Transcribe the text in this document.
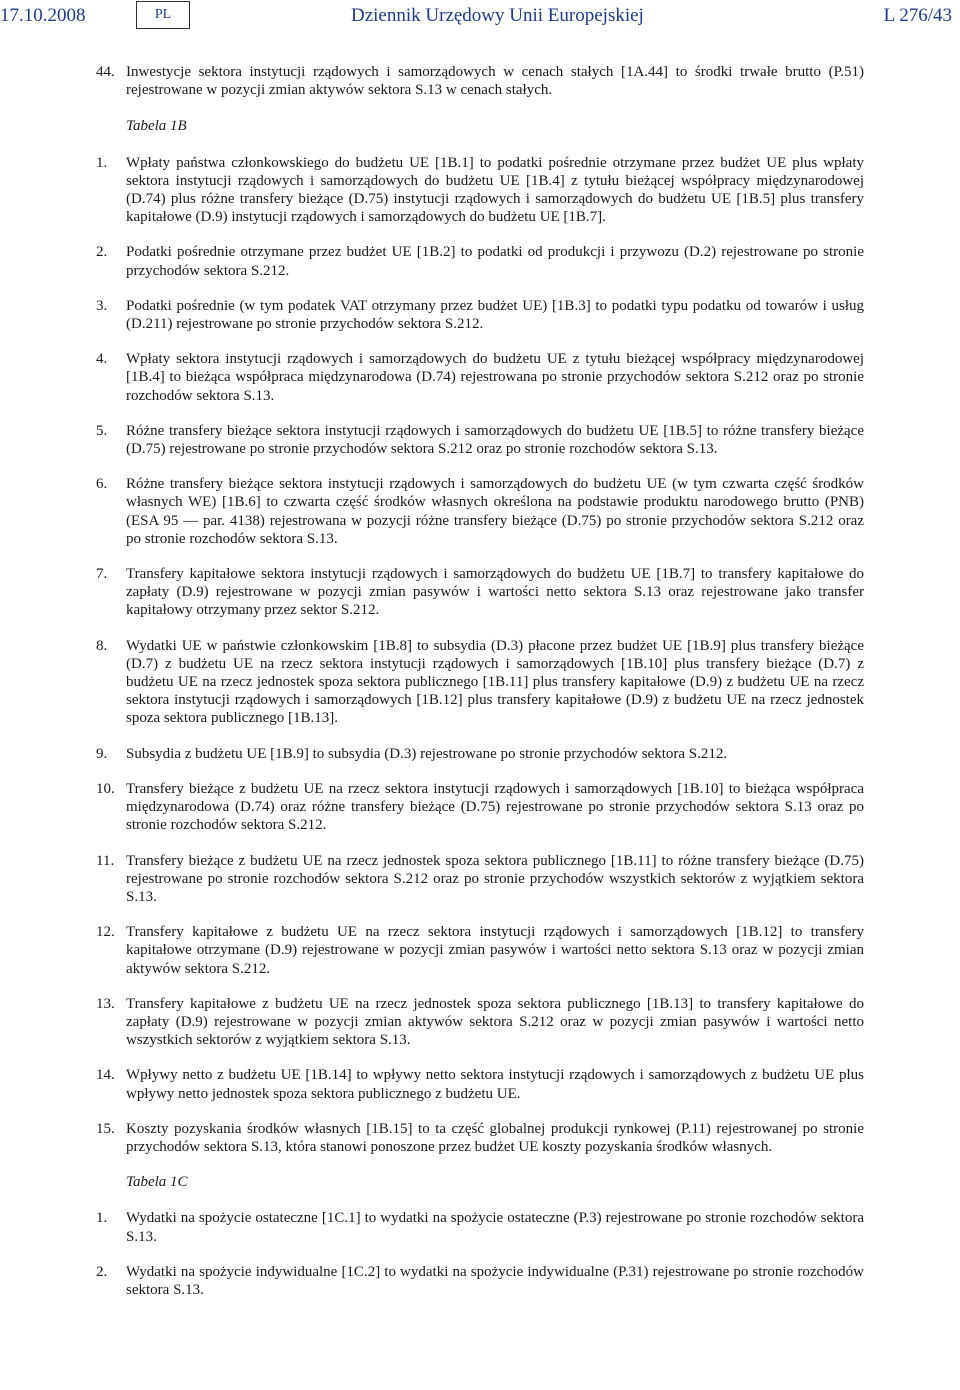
17.10.2008	PL	Dziennik Urzędowy Unii Europejskiej	L 276/43
44. Inwestycje sektora instytucji rządowych i samorządowych w cenach stałych [1A.44] to środki trwałe brutto (P.51) rejestrowane w pozycji zmian aktywów sektora S.13 w cenach stałych.
Tabela 1B
1.	Wpłaty państwa członkowskiego do budżetu UE [1B.1] to podatki pośrednie otrzymane przez budżet UE plus wpłaty sektora instytucji rządowych i samorządowych do budżetu UE [1B.4] z tytułu bieżącej współpracy międzynarodowej (D.74) plus różne transfery bieżące (D.75) instytucji rządowych i samorządowych do budżetu UE [1B.5] plus transfery kapitałowe (D.9) instytucji rządowych i samorządowych do budżetu UE [1B.7].
2.	Podatki pośrednie otrzymane przez budżet UE [1B.2] to podatki od produkcji i przywozu (D.2) rejestrowane po stronie przychodów sektora S.212.
3.	Podatki pośrednie (w tym podatek VAT otrzymany przez budżet UE) [1B.3] to podatki typu podatku od towarów i usług (D.211) rejestrowane po stronie przychodów sektora S.212.
4.	Wpłaty sektora instytucji rządowych i samorządowych do budżetu UE z tytułu bieżącej współpracy międzynarodowej [1B.4] to bieżąca współpraca międzynarodowa (D.74) rejestrowana po stronie przychodów sektora S.212 oraz po stronie rozchodów sektora S.13.
5.	Różne transfery bieżące sektora instytucji rządowych i samorządowych do budżetu UE [1B.5] to różne transfery bieżące (D.75) rejestrowane po stronie przychodów sektora S.212 oraz po stronie rozchodów sektora S.13.
6.	Różne transfery bieżące sektora instytucji rządowych i samorządowych do budżetu UE (w tym czwarta część środków własnych WE) [1B.6] to czwarta część środków własnych określona na podstawie produktu narodowego brutto (PNB) (ESA 95 — par. 4138) rejestrowana w pozycji różne transfery bieżące (D.75) po stronie przychodów sektora S.212 oraz po stronie rozchodów sektora S.13.
7.	Transfery kapitałowe sektora instytucji rządowych i samorządowych do budżetu UE [1B.7] to transfery kapitałowe do zapłaty (D.9) rejestrowane w pozycji zmian pasywów i wartości netto sektora S.13 oraz rejestrowane jako transfer kapitałowy otrzymany przez sektor S.212.
8.	Wydatki UE w państwie członkowskim [1B.8] to subsydia (D.3) płacone przez budżet UE [1B.9] plus transfery bieżące (D.7) z budżetu UE na rzecz sektora instytucji rządowych i samorządowych [1B.10] plus transfery bieżące (D.7) z budżetu UE na rzecz jednostek spoza sektora publicznego [1B.11] plus transfery kapitałowe (D.9) z budżetu UE na rzecz sektora instytucji rządowych i samorządowych [1B.12] plus transfery kapitałowe (D.9) z budżetu UE na rzecz jednostek spoza sektora publicznego [1B.13].
9.	Subsydia z budżetu UE [1B.9] to subsydia (D.3) rejestrowane po stronie przychodów sektora S.212.
10. Transfery bieżące z budżetu UE na rzecz sektora instytucji rządowych i samorządowych [1B.10] to bieżąca współpraca międzynarodowa (D.74) oraz różne transfery bieżące (D.75) rejestrowane po stronie przychodów sektora S.13 oraz po stronie rozchodów sektora S.212.
11. Transfery bieżące z budżetu UE na rzecz jednostek spoza sektora publicznego [1B.11] to różne transfery bieżące (D.75) rejestrowane po stronie rozchodów sektora S.212 oraz po stronie przychodów wszystkich sektorów z wyjątkiem sektora S.13.
12. Transfery kapitałowe z budżetu UE na rzecz sektora instytucji rządowych i samorządowych [1B.12] to transfery kapitałowe otrzymane (D.9) rejestrowane w pozycji zmian pasywów i wartości netto sektora S.13 oraz w pozycji zmian aktywów sektora S.212.
13. Transfery kapitałowe z budżetu UE na rzecz jednostek spoza sektora publicznego [1B.13] to transfery kapitałowe do zapłaty (D.9) rejestrowane w pozycji zmian aktywów sektora S.212 oraz w pozycji zmian pasywów i wartości netto wszystkich sektorów z wyjątkiem sektora S.13.
14. Wpływy netto z budżetu UE [1B.14] to wpływy netto sektora instytucji rządowych i samorządowych z budżetu UE plus wpływy netto jednostek spoza sektora publicznego z budżetu UE.
15. Koszty pozyskania środków własnych [1B.15] to ta część globalnej produkcji rynkowej (P.11) rejestrowanej po stronie przychodów sektora S.13, która stanowi ponoszone przez budżet UE koszty pozyskania środków własnych.
Tabela 1C
1.	Wydatki na spożycie ostateczne [1C.1] to wydatki na spożycie ostateczne (P.3) rejestrowane po stronie rozchodów sektora S.13.
2.	Wydatki na spożycie indywidualne [1C.2] to wydatki na spożycie indywidualne (P.31) rejestrowane po stronie rozchodów sektora S.13.
